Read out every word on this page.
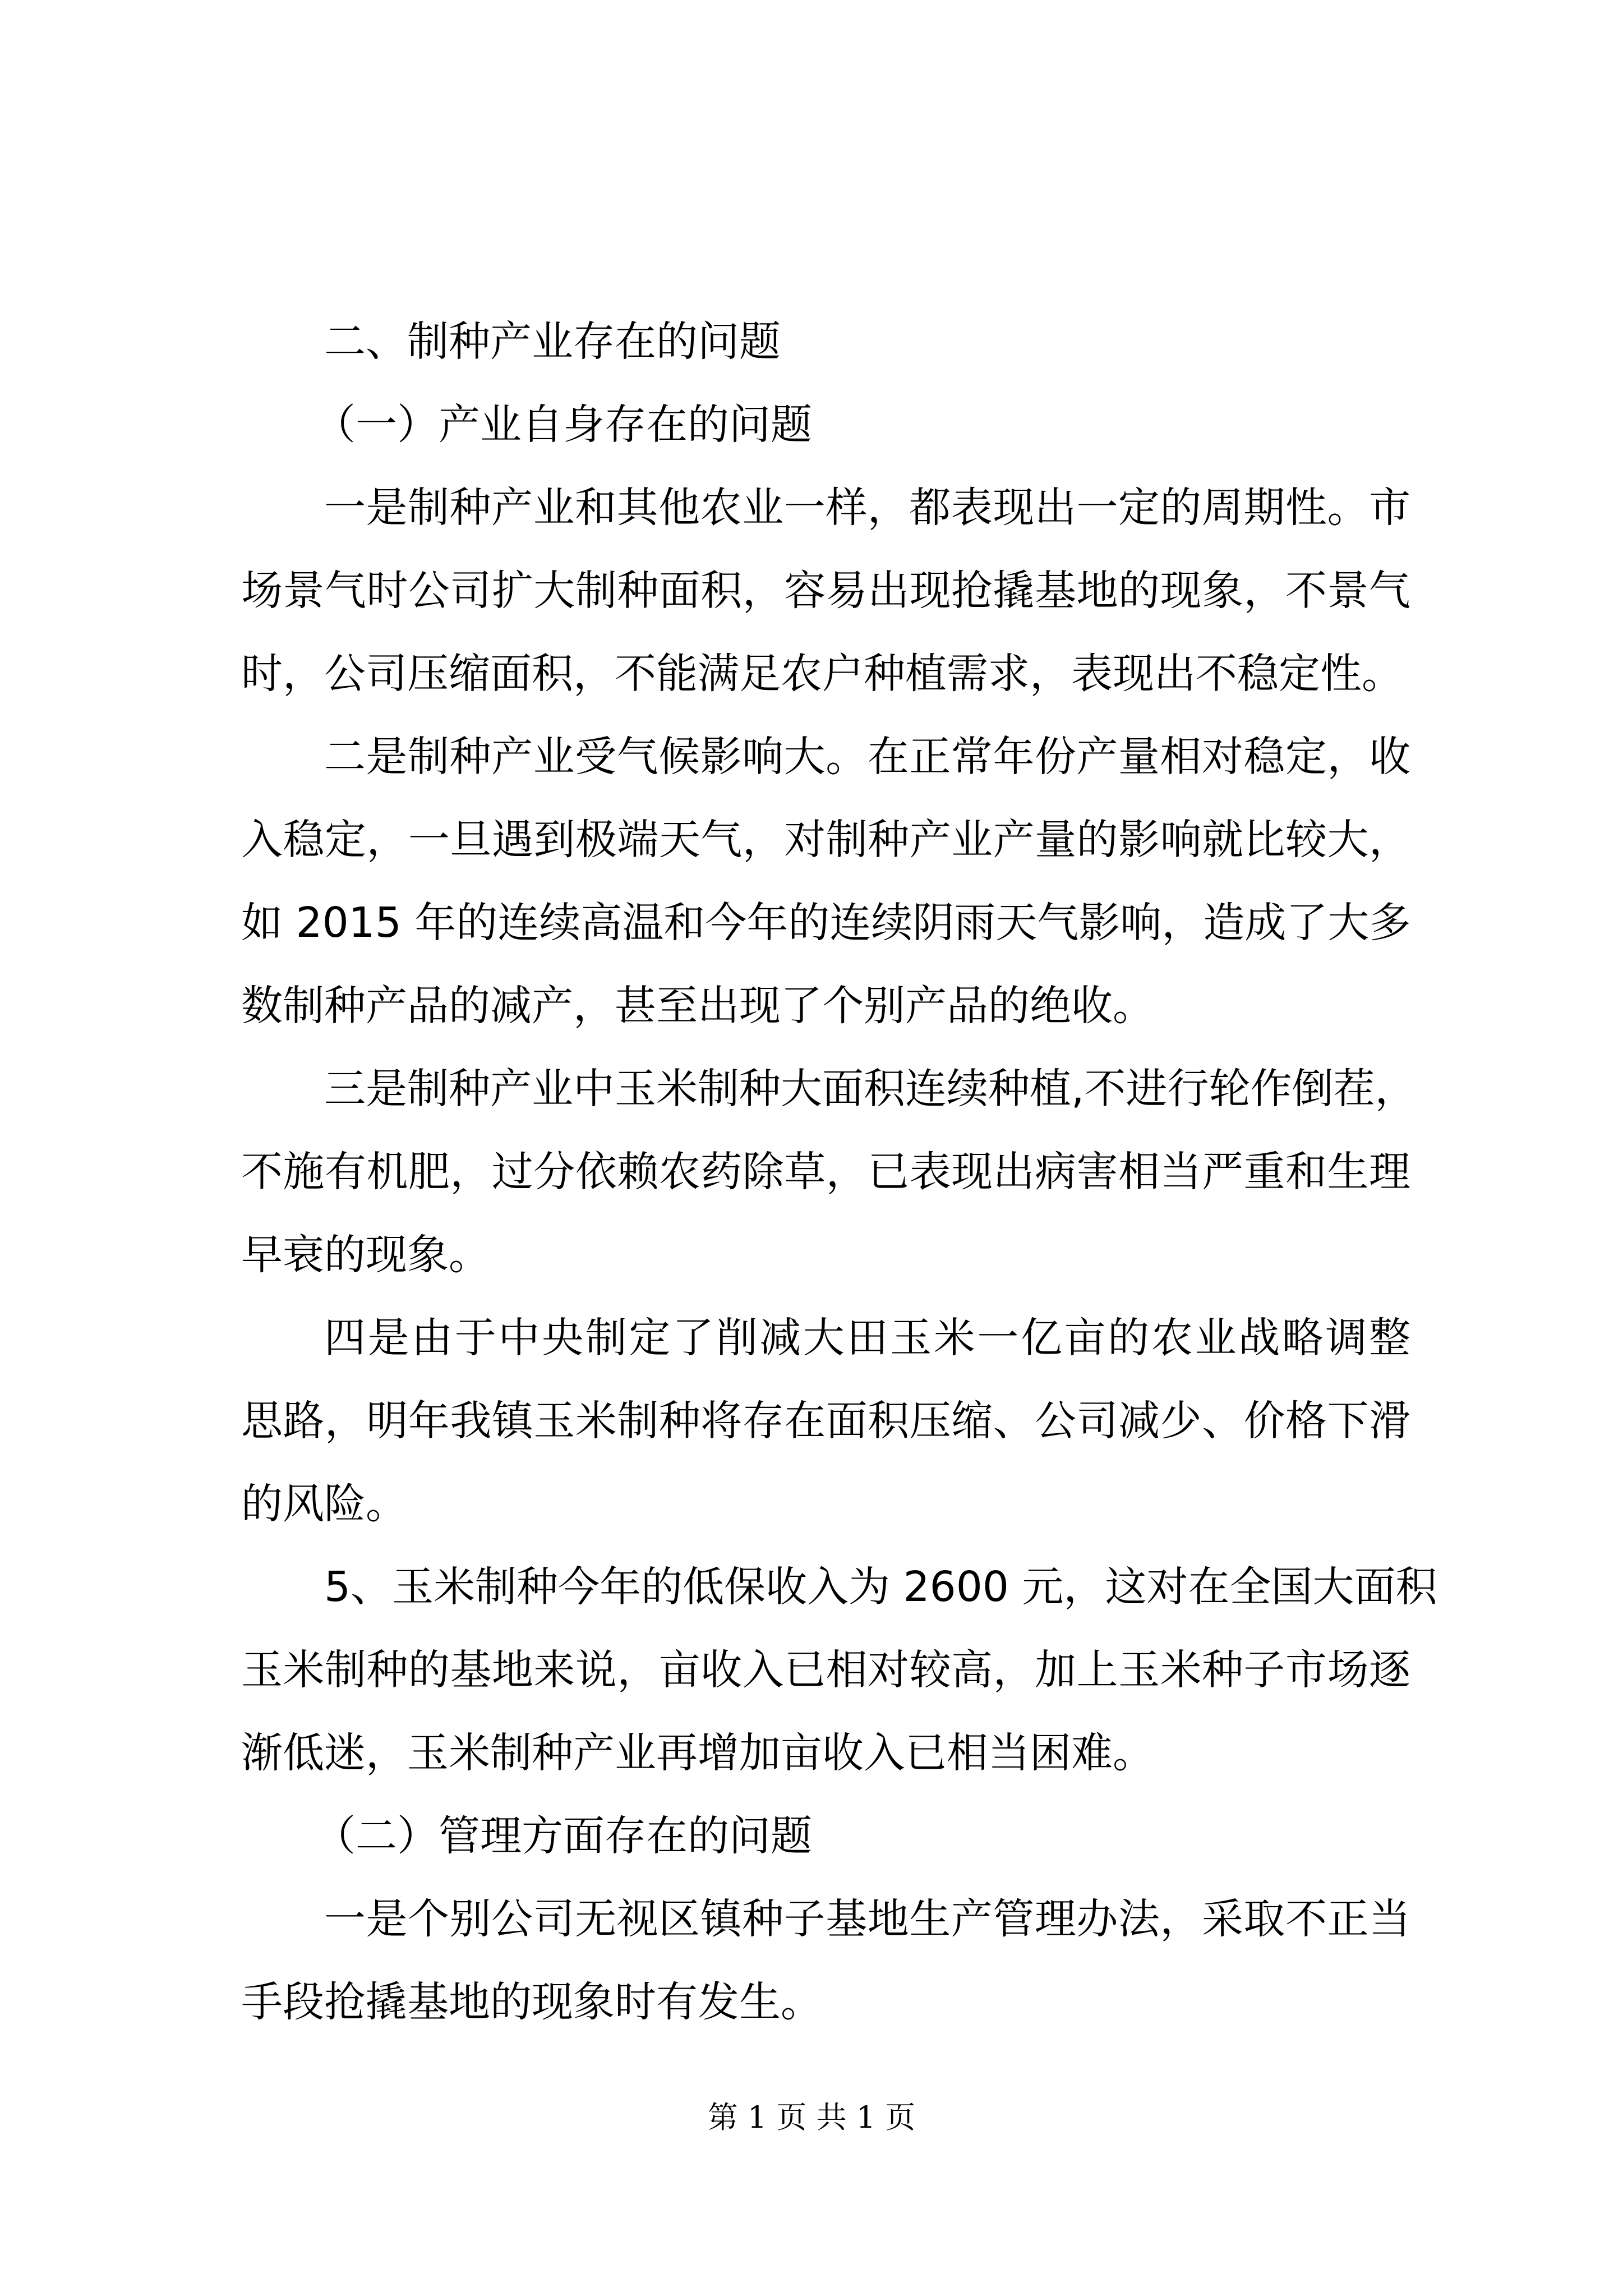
二、制种产业存在的问题
（一）产业自身存在的问题
一是制种产业和其他农业一样，都表现出一定的周期性。市
场景气时公司扩大制种面积，容易出现抢撬基地的现象，不景气
时，公司压缩面积，不能满足农户种植需求，表现出不稳定性。
二是制种产业受气候影响大。在正常年份产量相对稳定，收
入稳定，一旦遇到极端天气，对制种产业产量的影响就比较大，
如 2015 年的连续高温和今年的连续阴雨天气影响，造成了大多
数制种产品的减产，甚至出现了个别产品的绝收。
三是制种产业中玉米制种大面积连续种植,不进行轮作倒茬，
不施有机肥，过分依赖农药除草，已表现出病害相当严重和生理
早衰的现象。
四是由于中央制定了削减大田玉米一亿亩的农业战略调整
思路，明年我镇玉米制种将存在面积压缩、公司减少、价格下滑
的风险。
5、玉米制种今年的低保收入为 2600 元，这对在全国大面积
玉米制种的基地来说，亩收入已相对较高，加上玉米种子市场逐
渐低迷，玉米制种产业再增加亩收入已相当困难。
（二）管理方面存在的问题
一是个别公司无视区镇种子基地生产管理办法，采取不正当
手段抢撬基地的现象时有发生。
第 1 页 共 1 页
